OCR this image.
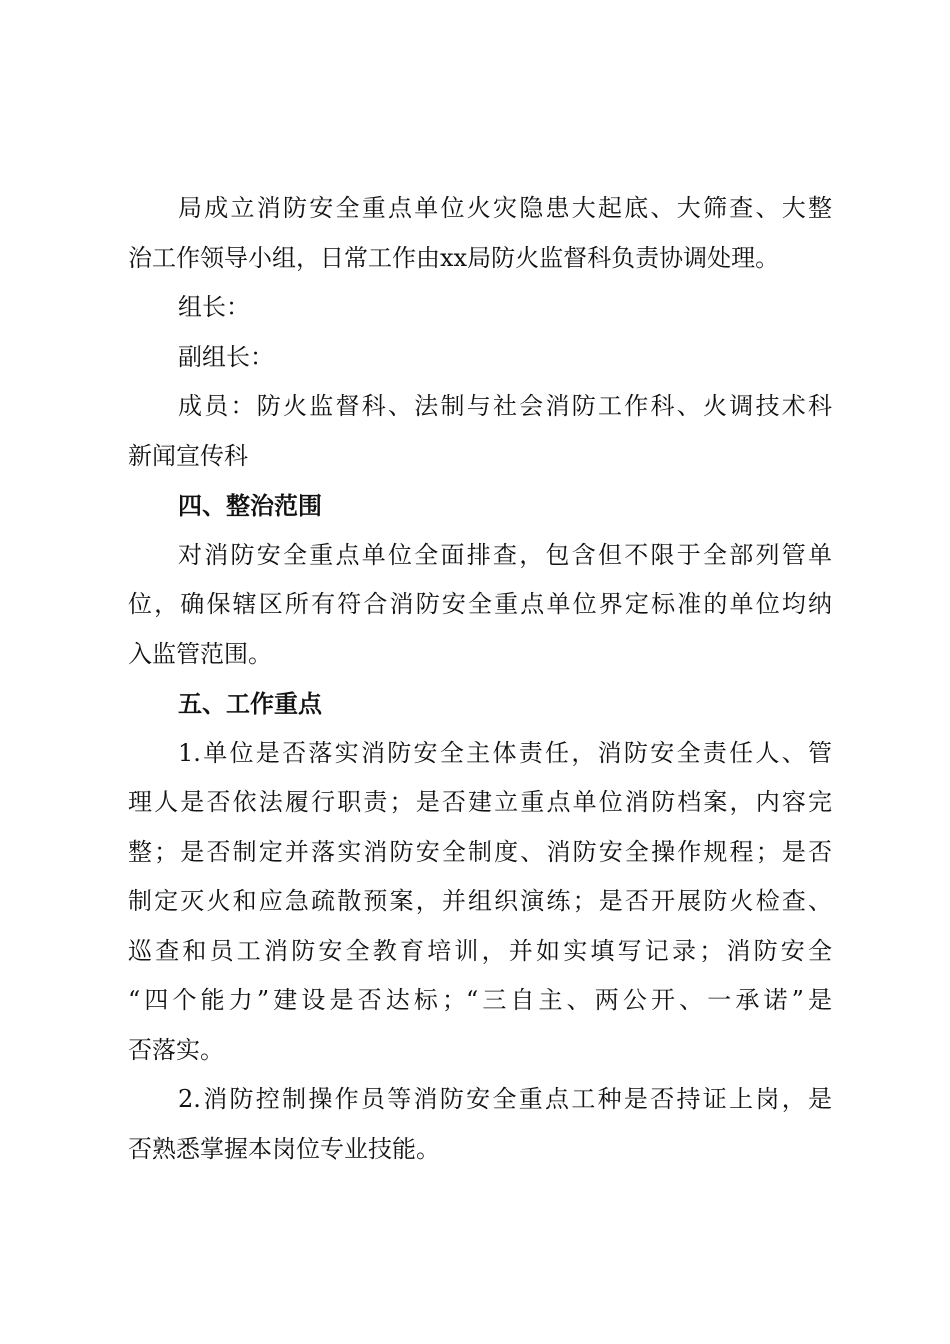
局成立消防安全重点单位火灾隐患大起底、大筛查、大整
治工作领导小组，日常工作由xx局防火监督科负责协调处理。
组长：
副组长：
成员：防火监督科、法制与社会消防工作科、火调技术科
新闻宣传科
四、整治范围
对消防安全重点单位全面排查，包含但不限于全部列管单
位，确保辖区所有符合消防安全重点单位界定标准的单位均纳
入监管范围。
五、工作重点
1.单位是否落实消防安全主体责任，消防安全责任人、管
理人是否依法履行职责；是否建立重点单位消防档案，内容完
整；是否制定并落实消防安全制度、消防安全操作规程；是否
制定灭火和应急疏散预案，并组织演练；是否开展防火检查、
巡查和员工消防安全教育培训，并如实填写记录；消防安全
“四个能力”建设是否达标；“三自主、两公开、一承诺”是
否落实。
2.消防控制操作员等消防安全重点工种是否持证上岗，是
否熟悉掌握本岗位专业技能。
